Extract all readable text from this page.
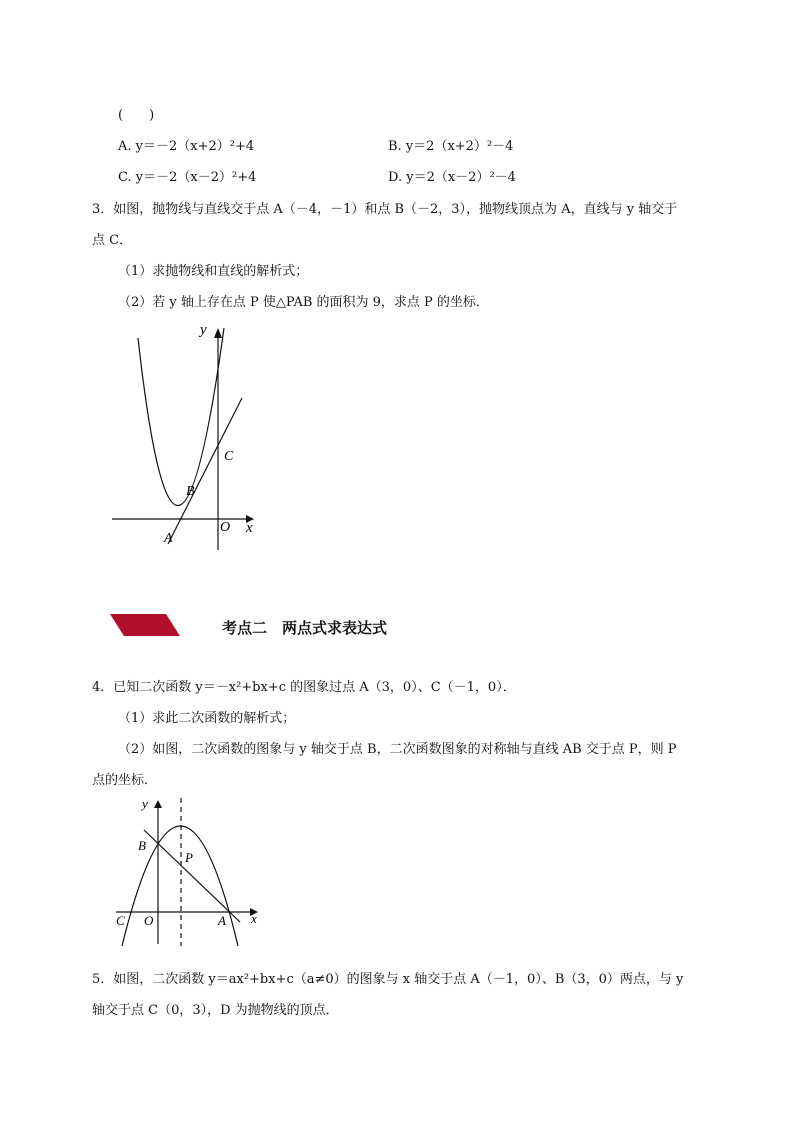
(　　)
A. y＝－2（x+2）²+4	B. y＝2（x+2）²－4
C. y＝－2（x－2）²+4	D. y＝2（x－2）²－4
3．如图，抛物线与直线交于点 A（－4，－1）和点 B（－2，3），抛物线顶点为 A，直线与 y 轴交于
点 C．
（1）求抛物线和直线的解析式；
（2）若 y 轴上存在点 P 使△PAB 的面积为 9，求点 P 的坐标．
y
x
O
A
B
C
考点二　两点式求表达式
4．已知二次函数 y＝－x²+bx+c 的图象过点 A（3，0）、C（－1，0）．
（1）求此二次函数的解析式；
（2）如图，二次函数的图象与 y 轴交于点 B，二次函数图象的对称轴与直线 AB 交于点 P，则 P
点的坐标．
y
x
O
C	A
B
P
5．如图，二次函数 y＝ax²+bx+c（a≠0）的图象与 x 轴交于点 A（－1，0）、B（3，0）两点，与 y
轴交于点 C（0，3），D 为抛物线的顶点．
